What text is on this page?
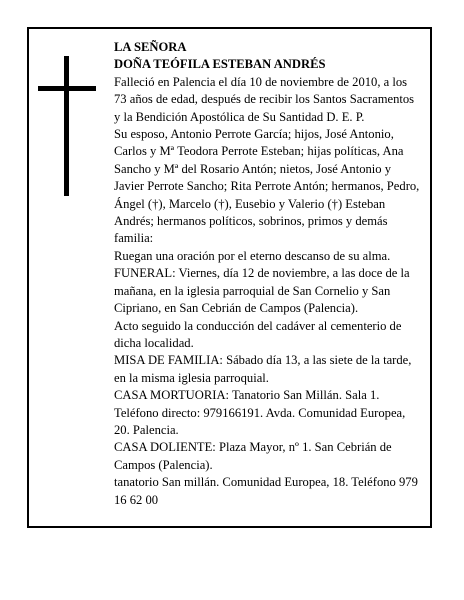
LA SEÑORA

DOÑA TEÓFILA ESTEBAN ANDRÉS

Falleció en Palencia el día 10 de noviembre de 2010, a los 73 años de edad, después de recibir los Santos Sacramentos y la Bendición Apostólica de Su Santidad D. E. P.

Su esposo, Antonio Perrote García; hijos, José Antonio, Carlos y Mª Teodora Perrote Esteban; hijas políticas, Ana Sancho y Mª del Rosario Antón; nietos, José Antonio y Javier Perrote Sancho; Rita Perrote Antón; hermanos, Pedro, Ángel (†), Marcelo (†), Eusebio y Valerio (†) Esteban Andrés; hermanos políticos, sobrinos, primos y demás familia:

Ruegan una oración por el eterno descanso de su alma.

FUNERAL: Viernes, día 12 de noviembre, a las doce de la mañana, en la iglesia parroquial de San Cornelio y San Cipriano, en San Cebrián de Campos (Palencia).

Acto seguido la conducción del cadáver al cementerio de dicha localidad.

MISA DE FAMILIA: Sábado día 13, a las siete de la tarde, en la misma iglesia parroquial.

CASA MORTUORIA: Tanatorio San Millán. Sala 1. Teléfono directo: 979166191. Avda. Comunidad Europea, 20. Palencia.

CASA DOLIENTE: Plaza Mayor, nº 1. San Cebrián de Campos (Palencia).

tanatorio San millán. Comunidad Europea, 18. Teléfono 979 16 62 00
